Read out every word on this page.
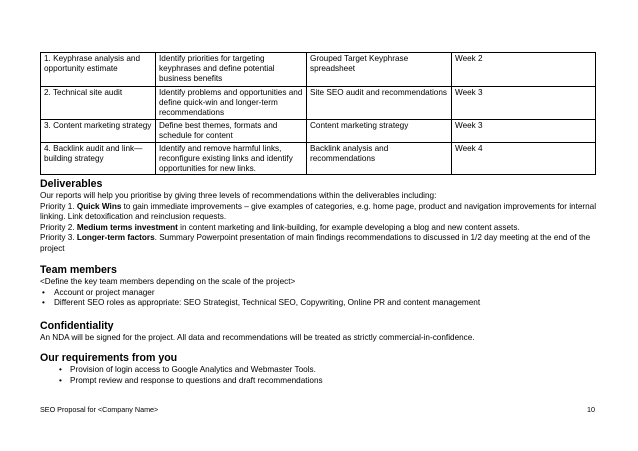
1. Keyphrase analysis and opportunity estimate	Identify priorities for targeting keyphrases and define potential business benefits	Grouped Target Keyphrase spreadsheet	Week 2
2. Technical site audit	Identify problems and opportunities and define quick-win and longer-term recommendations	Site SEO audit and recommendations	Week 3
3. Content marketing strategy	Define best themes, formats and schedule for content	Content marketing strategy	Week 3
4. Backlink audit and link—building strategy	Identify and remove harmful links, reconfigure existing links and identify opportunities for new links.	Backlink analysis and recommendations	Week 4
Deliverables
Our reports will help you prioritise by giving three levels of recommendations within the deliverables including:
Priority 1. Quick Wins to gain immediate improvements – give examples of categories, e.g. home page, product and navigation improvements for internal linking. Link detoxification and reinclusion requests.
Priority 2. Medium terms investment in content marketing and link-building, for example developing a blog and new content assets.
Priority 3. Longer-term factors. Summary Powerpoint presentation of main findings recommendations to discussed in 1/2 day meeting at the end of the project
Team members
<Define the key team members depending on the scale of the project>
• Account or project manager
• Different SEO roles as appropriate: SEO Strategist, Technical SEO, Copywriting, Online PR and content management
Confidentiality
An NDA will be signed for the project. All data and recommendations will be treated as strictly commercial-in-confidence.
Our requirements from you
• Provision of login access to Google Analytics and Webmaster Tools.
• Prompt review and response to questions and draft recommendations
SEO Proposal for <Company Name>	10
